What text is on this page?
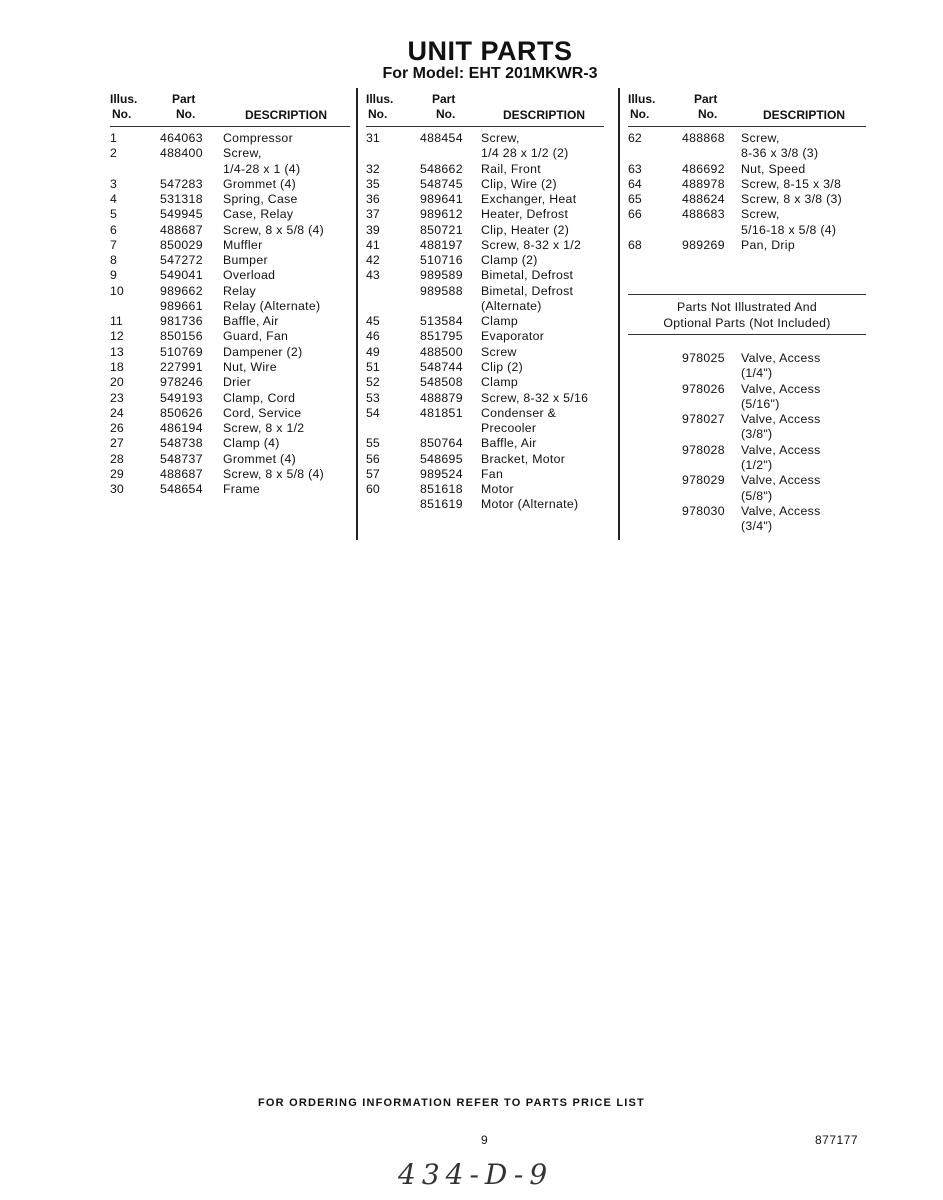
UNIT PARTS
For Model: EHT 201MKWR-3
Illus.
No.
Part
No.	DESCRIPTION
1	464063 Compressor
2	488400 Screw,
1/4-28 x 1 (4)
3	547283 Grommet (4)
4	531318 Spring, Case
5	549945 Case, Relay
6	488687 Screw, 8 x 5/8 (4)
7	850029 Muffler
8	547272 Bumper
9	549041 Overload
10	989662 Relay
989661 Relay (Alternate)
11	981736 Baffle, Air
12	850156 Guard, Fan
13	510769 Dampener (2)
18	227991 Nut, Wire
20	978246 Drier
23	549193 Clamp, Cord
24	850626 Cord, Service
26	486194 Screw, 8 x 1/2
27	548738 Clamp (4)
28	548737 Grommet (4)
29	488687 Screw, 8 x 5/8 (4)
30	548654 Frame
Illus.
No.
Part
No.	DESCRIPTION
31	488454 Screw,
1/4 28 x 1/2 (2)
32	548662 Rail, Front
35	548745 Clip, Wire (2)
36	989641 Exchanger, Heat
37	989612 Heater, Defrost
39	850721 Clip, Heater (2)
41	488197 Screw, 8-32 x 1/2
42	510716 Clamp (2)
43	989589 Bimetal, Defrost
989588 Bimetal, Defrost
(Alternate)
45	513584 Clamp
46	851795 Evaporator
49	488500 Screw
51	548744 Clip (2)
52	548508 Clamp
53	488879 Screw, 8-32 x 5/16
54	481851 Condenser &
Precooler
55	850764 Baffle, Air
56	548695 Bracket, Motor
57	989524 Fan
60	851618 Motor
851619 Motor (Alternate)
Illus.
No.
Part
No.	DESCRIPTION
62	488868 Screw,
8-36 x 3/8 (3)
63	486692 Nut, Speed
64	488978 Screw, 8-15 x 3/8
65	488624 Screw, 8 x 3/8 (3)
66	488683 Screw,
5/16-18 x 5/8 (4)
68	989269 Pan, Drip
Parts Not Illustrated And
Optional Parts (Not Included)
978025 Valve, Access
(1/4")
978026 Valve, Access
(5/16")
978027 Valve, Access
(3/8")
978028 Valve, Access
(1/2")
978029 Valve, Access
(5/8")
978030 Valve, Access
(3/4")
FOR ORDERING INFORMATION REFER TO PARTS PRICE LIST
9	877177
434-D-9
